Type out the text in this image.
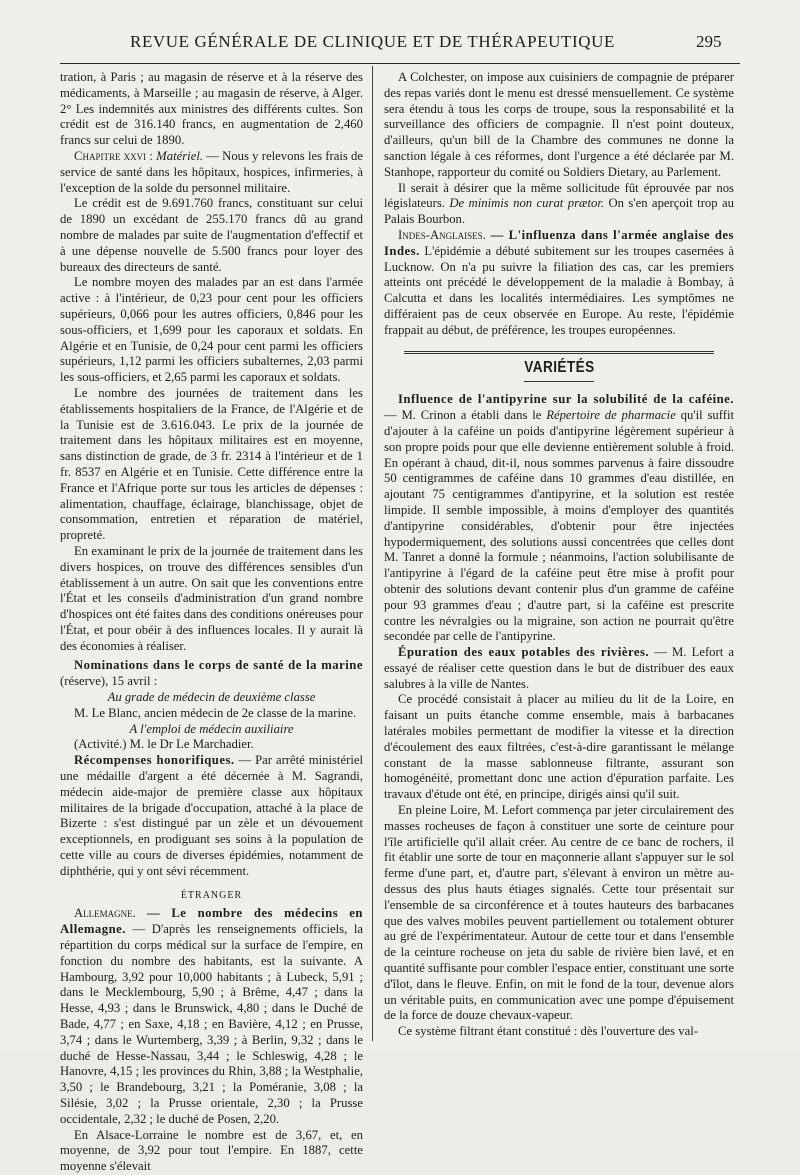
REVUE GÉNÉRALE DE CLINIQUE ET DE THÉRAPEUTIQUE	295

tration, à Paris ; au magasin de réserve et à la réserve des médicaments, à Marseille ; au magasin de réserve, à Alger. 2° Les indemnités aux ministres des différents cultes. Son crédit est de 316.140 francs, en augmentation de 2,460 francs sur celui de 1890.

Chapitre xxvi : Matériel. — Nous y relevons les frais de service de santé dans les hôpitaux, hospices, infirmeries, à l'exception de la solde du personnel militaire.

Le crédit est de 9.691.760 francs, constituant sur celui de 1890 un excédant de 255.170 francs dû au grand nombre de malades par suite de l'augmentation d'effectif et à une dépense nouvelle de 5.500 francs pour loyer des bureaux des directeurs de santé.

Le nombre moyen des malades par an est dans l'armée active : à l'intérieur, de 0,23 pour cent pour les officiers supérieurs, 0,066 pour les autres officiers, 0,846 pour les sous-officiers, et 1,699 pour les caporaux et soldats. En Algérie et en Tunisie, de 0,24 pour cent parmi les officiers supérieurs, 1,12 parmi les officiers subalternes, 2,03 parmi les sous-officiers, et 2,65 parmi les caporaux et soldats.

Le nombre des journées de traitement dans les établissements hospitaliers de la France, de l'Algérie et de la Tunisie est de 3.616.043. Le prix de la journée de traitement dans les hôpitaux militaires est en moyenne, sans distinction de grade, de 3 fr. 2314 à l'intérieur et de 1 fr. 8537 en Algérie et en Tunisie. Cette différence entre la France et l'Afrique porte sur tous les articles de dépenses : alimentation, chauffage, éclairage, blanchissage, objet de consommation, entretien et réparation de matériel, propreté.

En examinant le prix de la journée de traitement dans les divers hospices, on trouve des différences sensibles d'un établissement à un autre. On sait que les conventions entre l'État et les conseils d'administration d'un grand nombre d'hospices ont été faites dans des conditions onéreuses pour l'État, et pour obéir à des influences locales. Il y aurait là des économies à réaliser.

Nominations dans le corps de santé de la marine (réserve), 15 avril :

Au grade de médecin de deuxième classe

M. Le Blanc, ancien médecin de 2e classe de la marine.

A l'emploi de médecin auxiliaire

(Activité.) M. le Dr Le Marchadier.

Récompenses honorifiques. — Par arrêté ministériel une médaille d'argent a été décernée à M. Sagrandi, médecin aide-major de première classe aux hôpitaux militaires de la brigade d'occupation, attaché à la place de Bizerte : s'est distingué par un zèle et un dévouement exceptionnels, en prodiguant ses soins à la population de cette ville au cours de diverses épidémies, notamment de diphthérie, qui y ont sévi récemment.

ÉTRANGER

Allemagne. — Le nombre des médecins en Allemagne. — D'après les renseignements officiels, la répartition du corps médical sur la surface de l'empire, en fonction du nombre des habitants, est la suivante. A Hambourg, 3,92 pour 10,000 habitants ; à Lubeck, 5,91 ; dans le Mecklembourg, 5,90 ; à Brême, 4,47 ; dans la Hesse, 4,93 ; dans le Brunswick, 4,80 ; dans le Duché de Bade, 4,77 ; en Saxe, 4,18 ; en Bavière, 4,12 ; en Prusse, 3,74 ; dans le Wurtemberg, 3,39 ; à Berlin, 9,32 ; dans le duché de Hesse-Nassau, 3,44 ; le Schleswig, 4,28 ; le Hanovre, 4,15 ; les provinces du Rhin, 3,88 ; la Westphalie, 3,50 ; le Brandebourg, 3,21 ; la Poméranie, 3,08 ; la Silésie, 3,02 ; la Prusse orientale, 2,30 ; la Prusse occidentale, 2,32 ; le duché de Posen, 2,20.

En Alsace-Lorraine le nombre est de 3,67, et, en moyenne, de 3,92 pour tout l'empire. En 1887, cette moyenne s'élevait

A Colchester, on impose aux cuisiniers de compagnie de préparer des repas variés dont le menu est dressé mensuellement. Ce système sera étendu à tous les corps de troupe, sous la responsabilité et la surveillance des officiers de compagnie. Il n'est point douteux, d'ailleurs, qu'un bill de la Chambre des communes ne donne la sanction légale à ces réformes, dont l'urgence a été déclarée par M. Stanhope, rapporteur du comité ou Soldiers Dietary, au Parlement.

Il serait à désirer que la même sollicitude fût éprouvée par nos législateurs. De minimis non curat prætor. On s'en aperçoit trop au Palais Bourbon.

Indes-Anglaises. — L'influenza dans l'armée anglaise des Indes. L'épidémie a débuté subitement sur les troupes casernées à Lucknow. On n'a pu suivre la filiation des cas, car les premiers atteints ont précédé le développement de la maladie à Bombay, à Calcutta et dans les localités intermédiaires. Les symptômes ne différaient pas de ceux observée en Europe. Au reste, l'épidémie frappait au début, de préférence, les troupes européennes.

VARIÉTÉS

Influence de l'antipyrine sur la solubilité de la caféine. — M. Crinon a établi dans le Répertoire de pharmacie qu'il suffit d'ajouter à la caféine un poids d'antipyrine légèrement supérieur à son propre poids pour que elle devienne entièrement soluble à froid. En opérant à chaud, dit-il, nous sommes parvenus à faire dissoudre 50 centigrammes de caféine dans 10 grammes d'eau distillée, en ajoutant 75 centigrammes d'antipyrine, et la solution est restée limpide. Il semble impossible, à moins d'employer des quantités d'antipyrine considérables, d'obtenir pour être injectées hypodermiquement, des solutions aussi concentrées que celles dont M. Tanret a donné la formule ; néanmoins, l'action solubilisante de l'antipyrine à l'égard de la caféine peut être mise à profit pour obtenir des solutions devant contenir plus d'un gramme de caféine pour 93 grammes d'eau ; d'autre part, si la caféine est prescrite contre les névralgies ou la migraine, son action ne pourrait qu'être secondée par celle de l'antipyrine.

Épuration des eaux potables des rivières. — M. Lefort a essayé de réaliser cette question dans le but de distribuer des eaux salubres à la ville de Nantes.

Ce procédé consistait à placer au milieu du lit de la Loire, en faisant un puits étanche comme ensemble, mais à barbacanes latérales mobiles permettant de modifier la vitesse et la direction d'écoulement des eaux filtrées, c'est-à-dire garantissant le mélange constant de la masse sablonneuse filtrante, assurant son homogénéité, promettant donc une action d'épuration parfaite. Les travaux d'étude ont été, en principe, dirigés ainsi qu'il suit.

En pleine Loire, M. Lefort commença par jeter circulairement des masses rocheuses de façon à constituer une sorte de ceinture pour l'île artificielle qu'il allait créer. Au centre de ce banc de rochers, il fit établir une sorte de tour en maçonnerie allant s'appuyer sur le sol ferme d'une part, et, d'autre part, s'élevant à environ un mètre au-dessus des plus hauts étiages signalés. Cette tour présentait sur l'ensemble de sa circonférence et à toutes hauteurs des barbacanes que des valves mobiles peuvent partiellement ou totalement obturer au gré de l'expérimentateur. Autour de cette tour et dans l'ensemble de la ceinture rocheuse on jeta du sable de rivière bien lavé, et en quantité suffisante pour combler l'espace entier, constituant une sorte d'îlot, dans le fleuve. Enfin, on mit le fond de la tour, devenue alors un véritable puits, en communication avec une pompe d'épuisement de la force de douze chevaux-vapeur.

Ce système filtrant étant constitué : dès l'ouverture des val-
